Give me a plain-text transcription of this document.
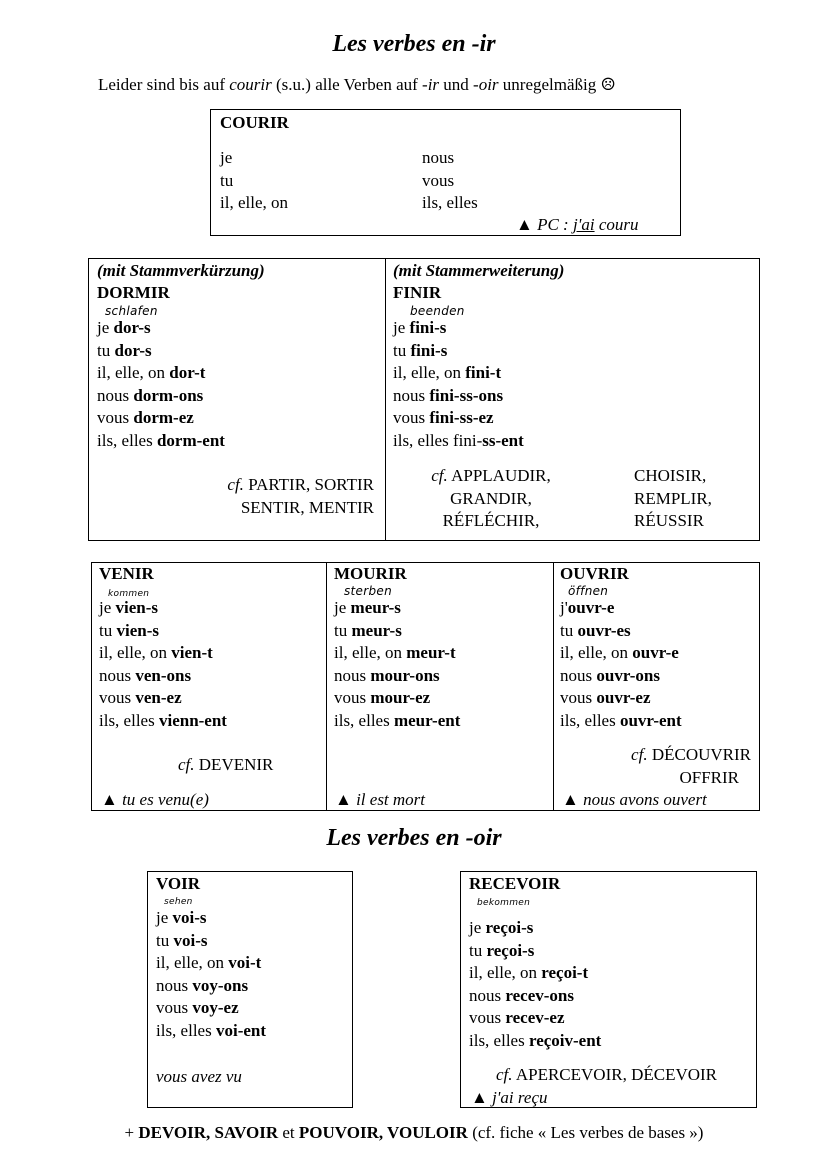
Les verbes en -ir
Leider sind bis auf courir (s.u.) alle Verben auf -ir und -oir unregelmäßig ☹
COURIR
je
tu
il, elle, on
nous
vous
ils, elles
▲ PC : j'ai couru
(mit Stammverkürzung)
DORMIR
schlafen
je dor-s
tu dor-s
il, elle, on dor-t
nous dorm-ons
vous dorm-ez
ils, elles dorm-ent
cf. PARTIR, SORTIR
SENTIR, MENTIR
(mit Stammerweiterung)
FINIR
beenden
je fini-s
tu fini-s
il, elle, on fini-t
nous fini-ss-ons
vous fini-ss-ez
ils, elles fini-ss-ent
cf. APPLAUDIR,
GRANDIR,
RÉFLÉCHIR,
CHOISIR,
REMPLIR,
RÉUSSIR
VENIR
kommen
je vien-s
tu vien-s
il, elle, on vien-t
nous ven-ons
vous ven-ez
ils, elles vienn-ent
cf. DEVENIR
▲ tu es venu(e)
MOURIR
sterben
je meur-s
tu meur-s
il, elle, on meur-t
nous mour-ons
vous mour-ez
ils, elles meur-ent
▲ il est mort
OUVRIR
öffnen
j'ouvr-e
tu ouvr-es
il, elle, on ouvr-e
nous ouvr-ons
vous ouvr-ez
ils, elles ouvr-ent
cf. DÉCOUVRIR
OFFRIR
▲ nous avons ouvert
Les verbes en -oir
VOIR
sehen
je voi-s
tu voi-s
il, elle, on voi-t
nous voy-ons
vous voy-ez
ils, elles voi-ent
vous avez vu
RECEVOIR
bekommen
je reçoi-s
tu reçoi-s
il, elle, on reçoi-t
nous recev-ons
vous recev-ez
ils, elles reçoiv-ent
cf. APERCEVOIR, DÉCEVOIR
▲ j'ai reçu
+ DEVOIR, SAVOIR et POUVOIR, VOULOIR (cf. fiche « Les verbes de bases »)
